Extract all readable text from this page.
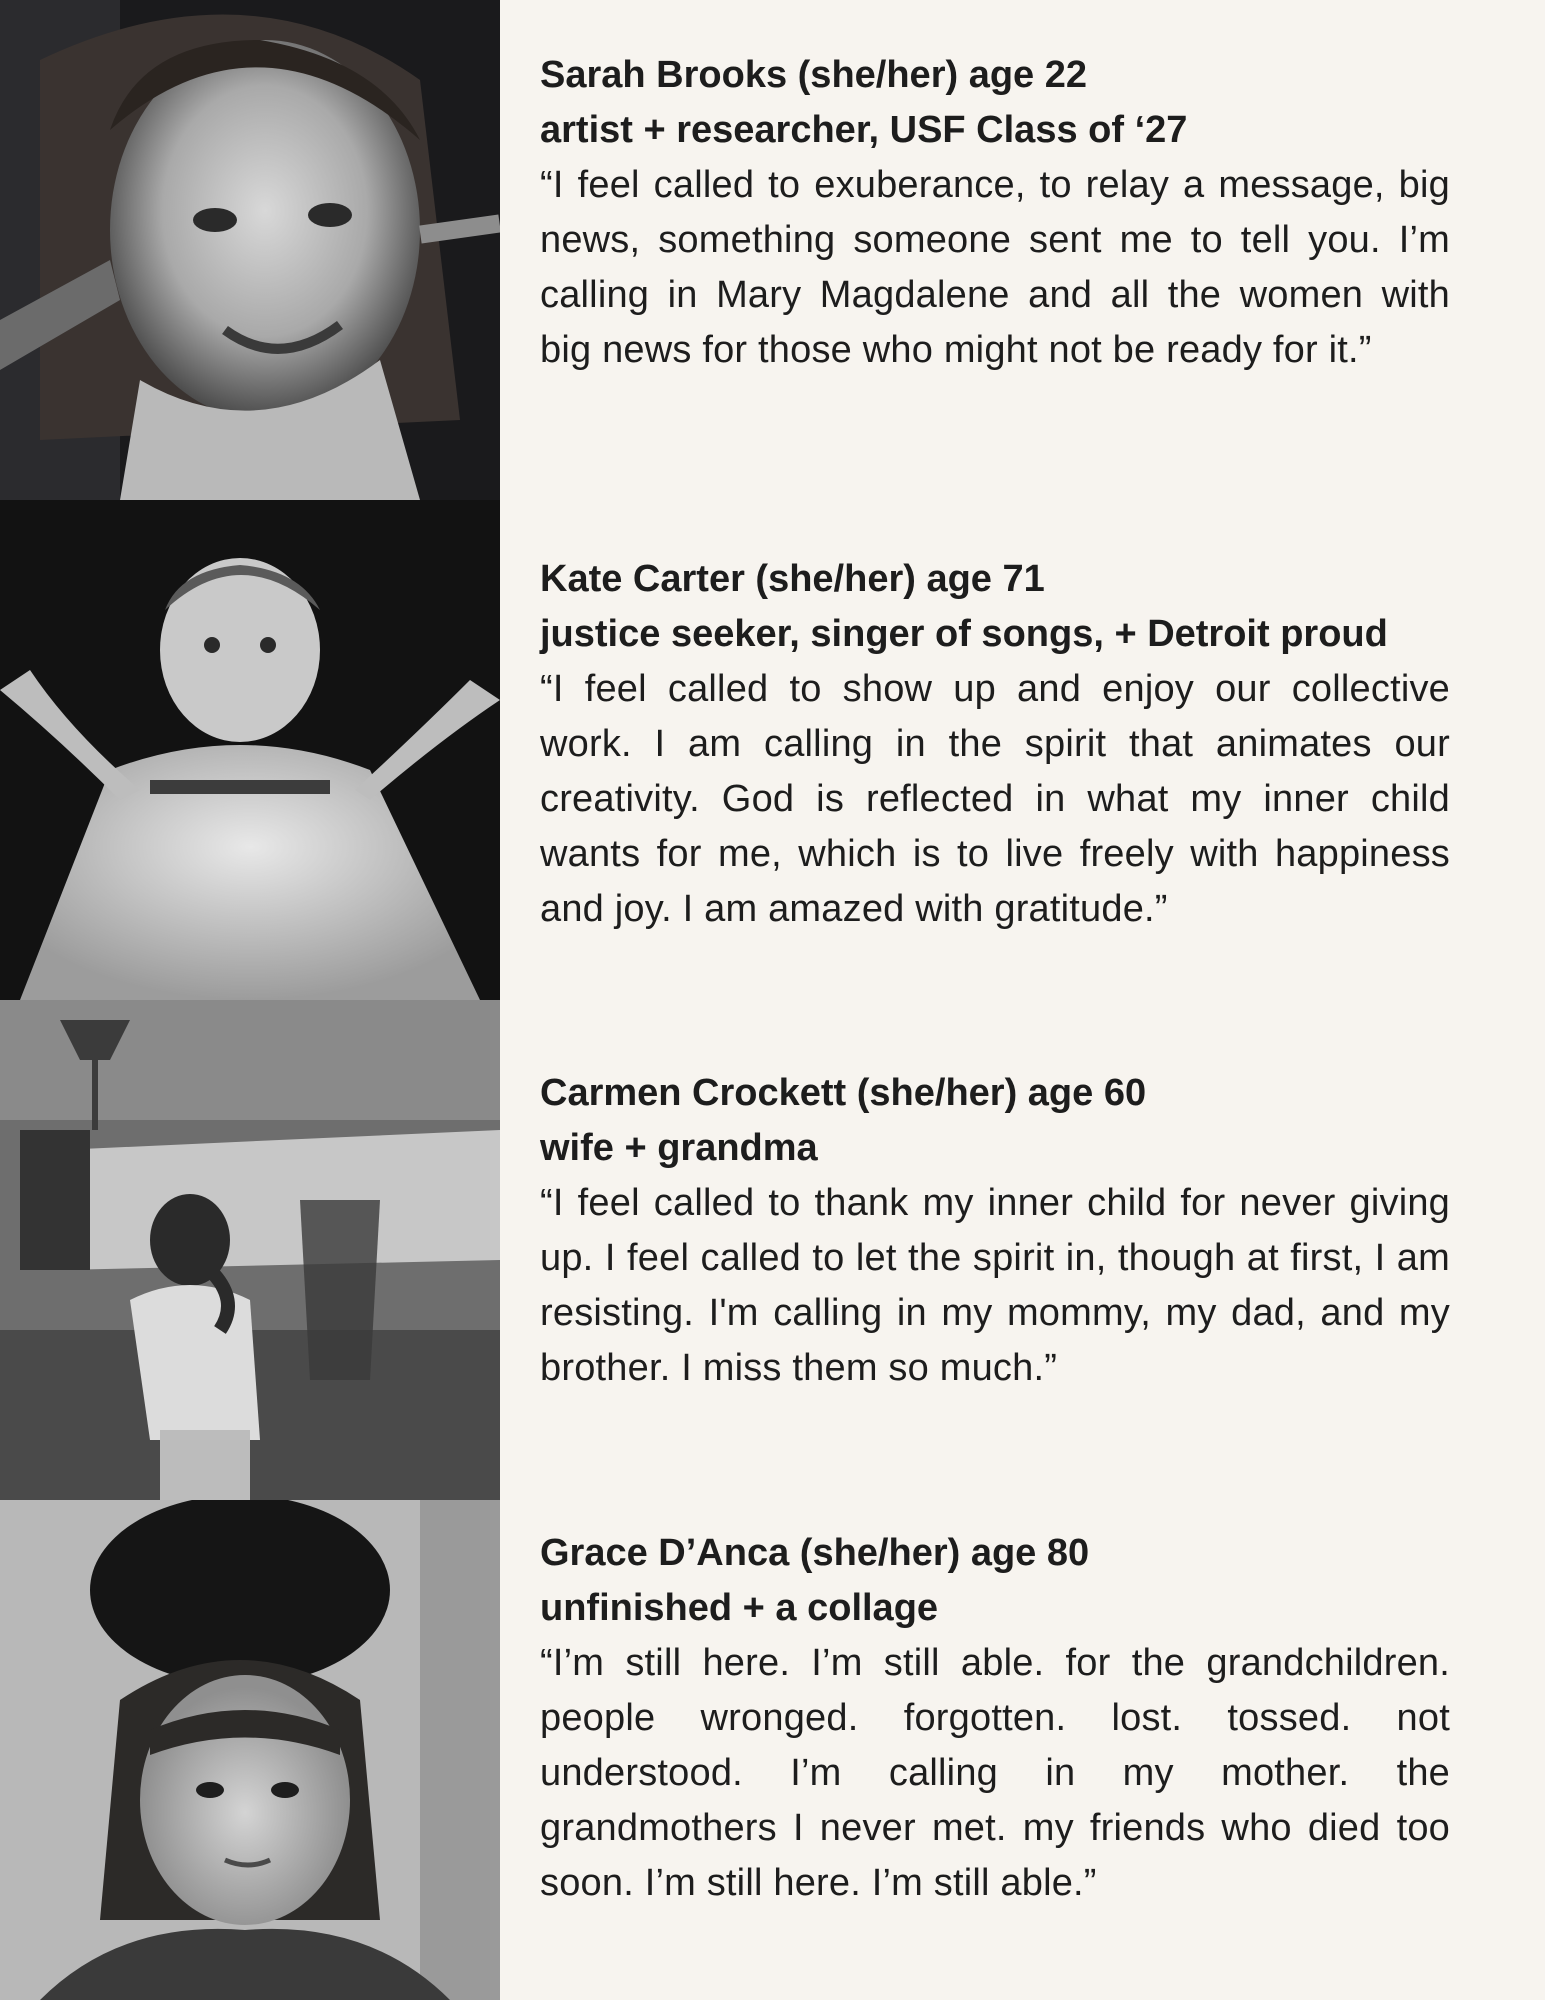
Sarah Brooks (she/her) age 22

artist + researcher, USF Class of ‘27

“I feel called to exuberance, to relay a message, big news, something someone sent me to tell you. I’m calling in Mary Magdalene and all the women with big news for those who might not be ready for it.”

Kate Carter (she/her) age 71

justice seeker, singer of songs, + Detroit proud

“I feel called to show up and enjoy our collective work. I am calling in the spirit that animates our creativity. God is reflected in what my inner child wants for me, which is to live freely with happiness and joy. I am amazed with gratitude.”

Carmen Crockett (she/her) age 60

wife + grandma

“I feel called to thank my inner child for never giving up. I feel called to let the spirit in, though at first, I am resisting. I'm calling in my mommy, my dad, and my brother. I miss them so much.”

Grace D’Anca (she/her) age 80

unfinished + a collage

“I’m still here. I’m still able. for the grandchildren. people wronged. forgotten. lost. tossed. not understood. I’m calling in my mother. the grandmothers I never met. my friends who died too soon. I’m still here. I’m still able.”
